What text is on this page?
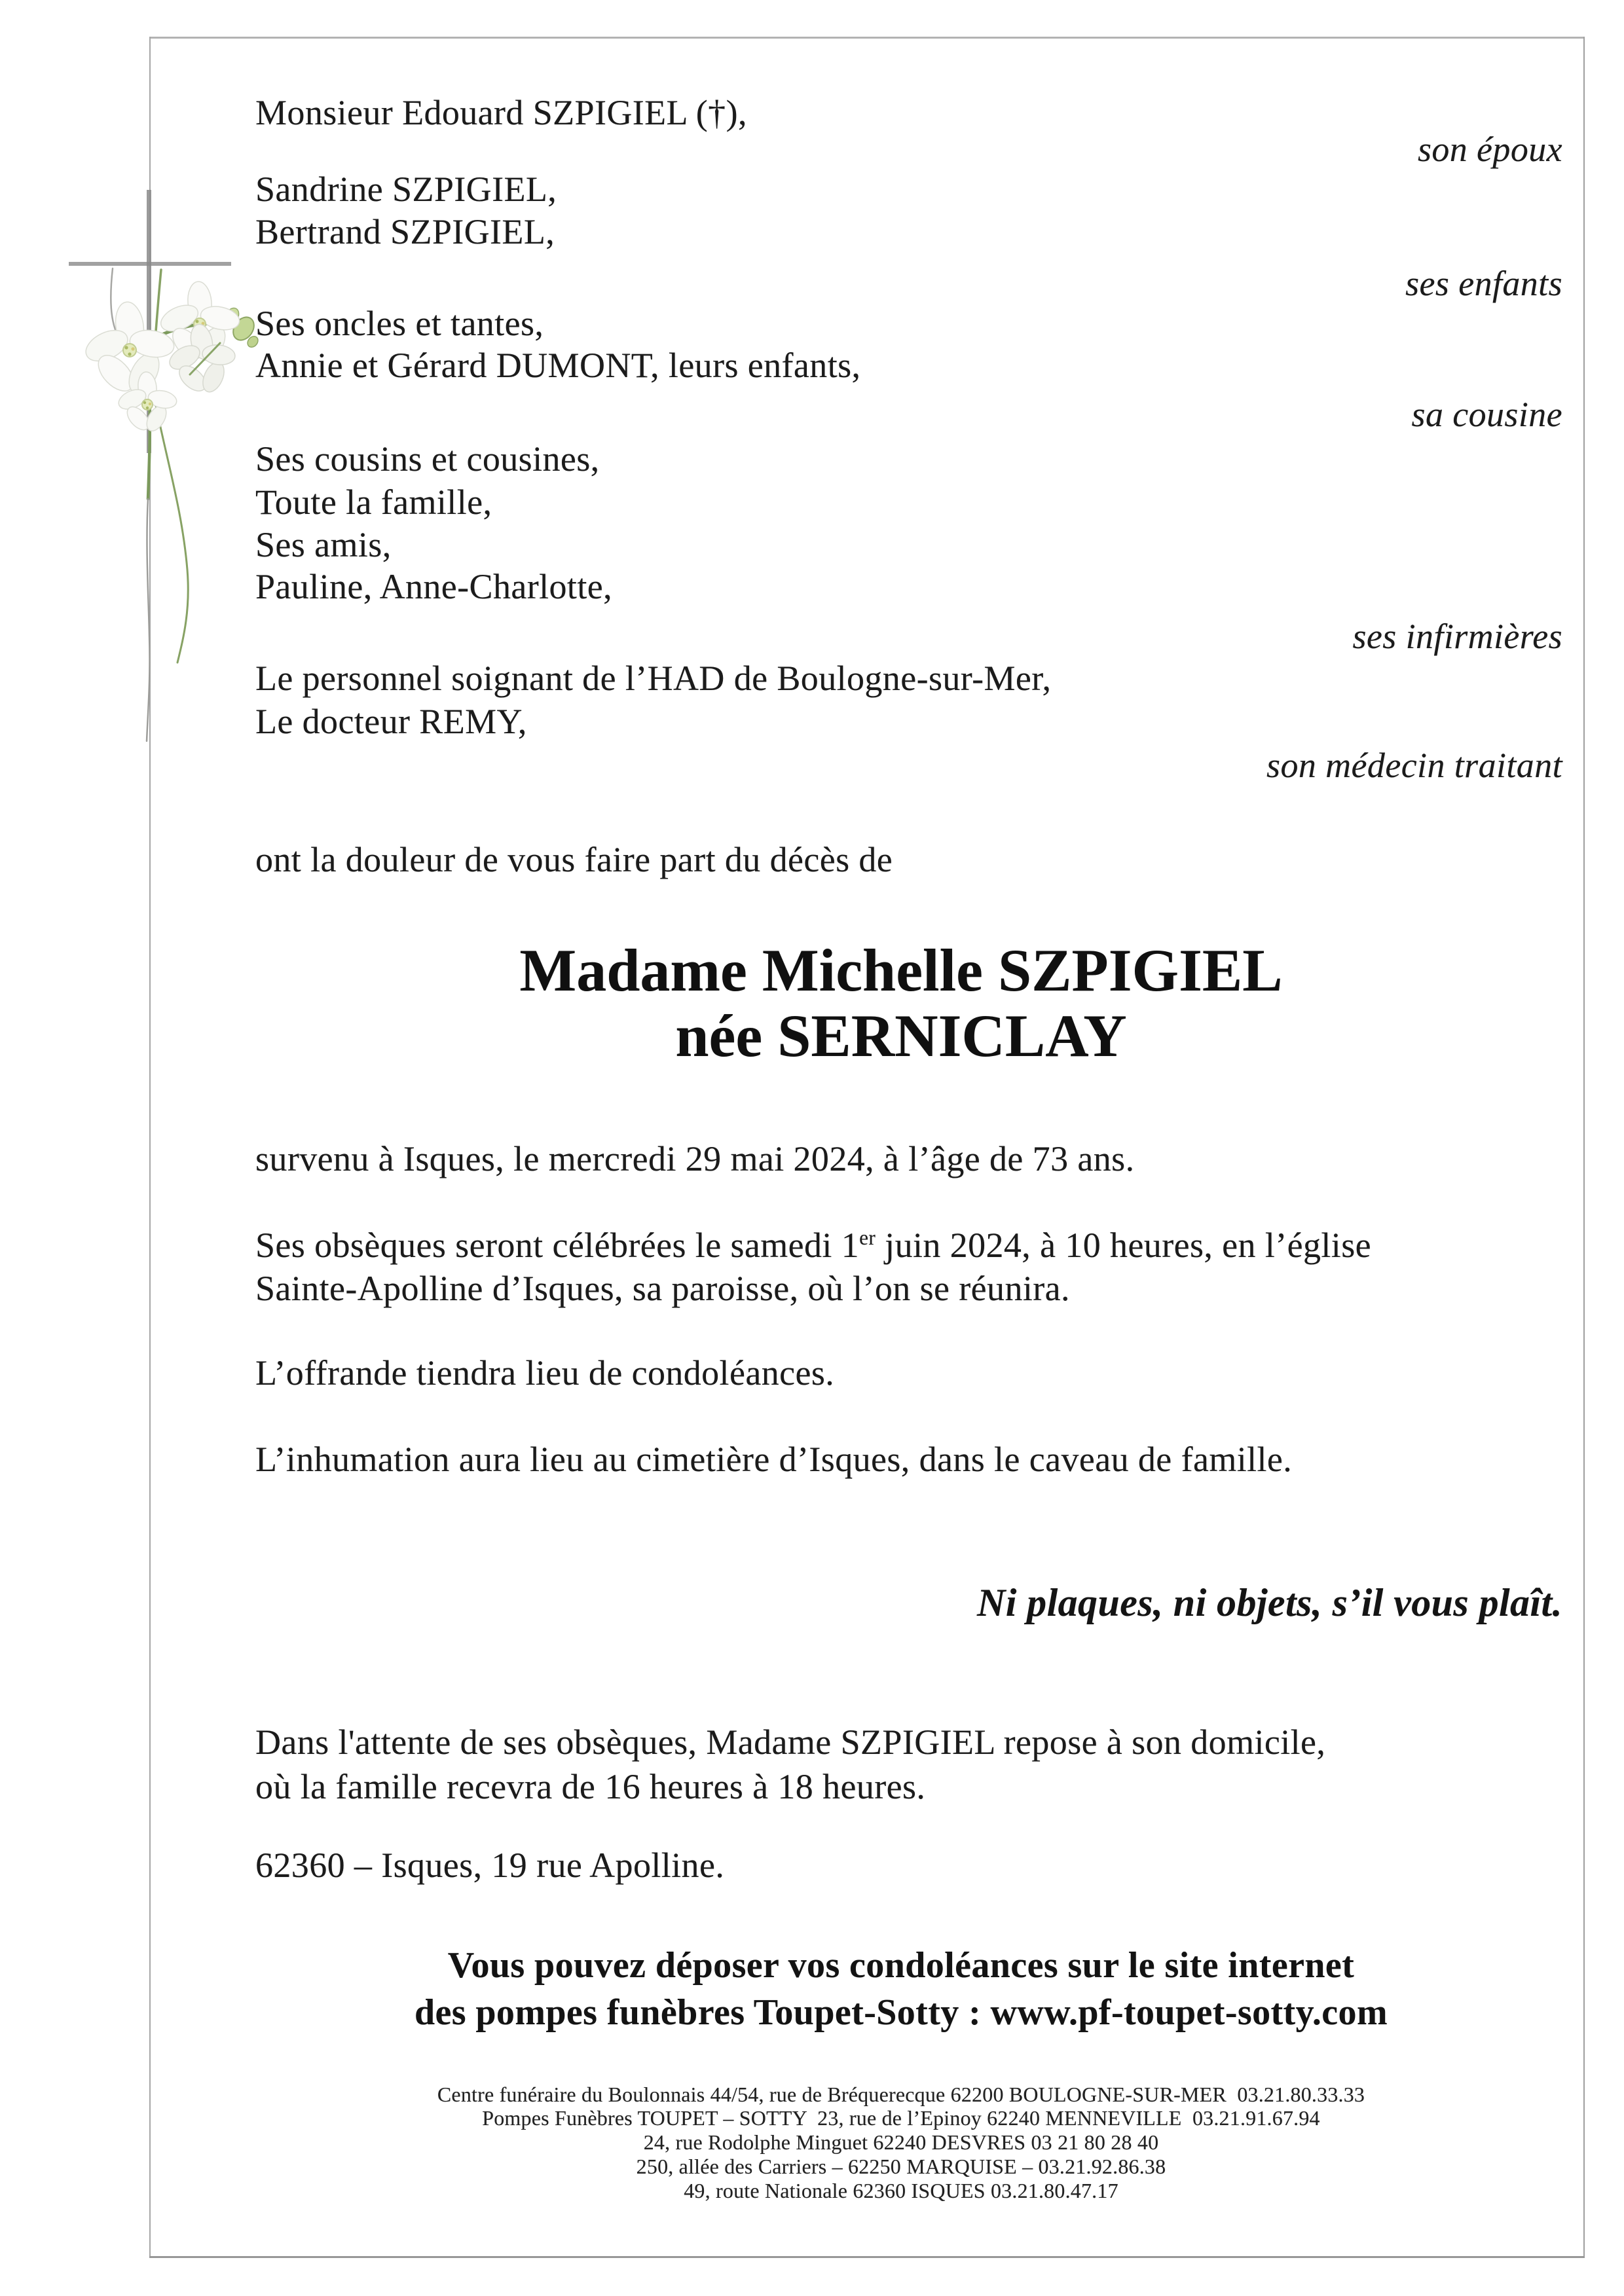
Monsieur Edouard SZPIGIEL (†),
son époux
Sandrine SZPIGIEL,
Bertrand SZPIGIEL,
ses enfants
Ses oncles et tantes,
Annie et Gérard DUMONT, leurs enfants,
sa cousine
Ses cousins et cousines,
Toute la famille,
Ses amis,
Pauline, Anne-Charlotte,
ses infirmières
Le personnel soignant de l’HAD de Boulogne-sur-Mer,
Le docteur REMY,
son médecin traitant
ont la douleur de vous faire part du décès de
Madame Michelle SZPIGIEL
née SERNICLAY
survenu à Isques, le mercredi 29 mai 2024, à l’âge de 73 ans.
Ses obsèques seront célébrées le samedi 1er juin 2024, à 10 heures, en l’église
Sainte-Apolline d’Isques, sa paroisse, où l’on se réunira.
L’offrande tiendra lieu de condoléances.
L’inhumation aura lieu au cimetière d’Isques, dans le caveau de famille.
Ni plaques, ni objets, s’il vous plaît.
Dans l'attente de ses obsèques, Madame SZPIGIEL repose à son domicile,
où la famille recevra de 16 heures à 18 heures.
62360 – Isques, 19 rue Apolline.
Vous pouvez déposer vos condoléances sur le site internet
des pompes funèbres Toupet-Sotty : www.pf-toupet-sotty.com
Centre funéraire du Boulonnais 44/54, rue de Bréquerecque 62200 BOULOGNE-SUR-MER  03.21.80.33.33
Pompes Funèbres TOUPET – SOTTY  23, rue de l’Epinoy 62240 MENNEVILLE  03.21.91.67.94
24, rue Rodolphe Minguet 62240 DESVRES 03 21 80 28 40
250, allée des Carriers – 62250 MARQUISE – 03.21.92.86.38
49, route Nationale 62360 ISQUES 03.21.80.47.17
